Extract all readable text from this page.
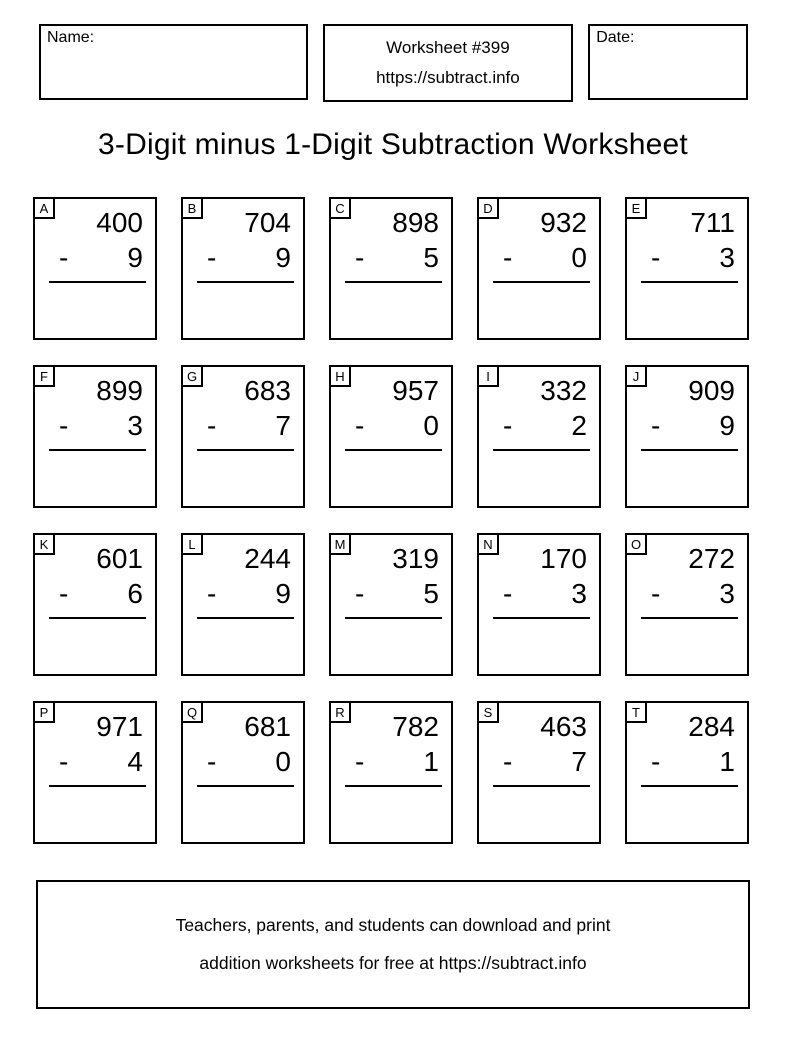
Name:
Worksheet #399
https://subtract.info
Date:
3-Digit minus 1-Digit Subtraction Worksheet
A	400
- 9
B	704
- 9
C	898
- 5
D	932
- 0
E	711
- 3
F	899
- 3
G	683
- 7
H	957
- 0
I	332
- 2
J	909
- 9
K	601
- 6
L	244
- 9
M	319
- 5
N	170
- 3
O	272
- 3
P	971
- 4
Q	681
- 0
R	782
- 1
S	463
- 7
T	284
- 1
Teachers, parents, and students can download and print
addition worksheets for free at https://subtract.info
